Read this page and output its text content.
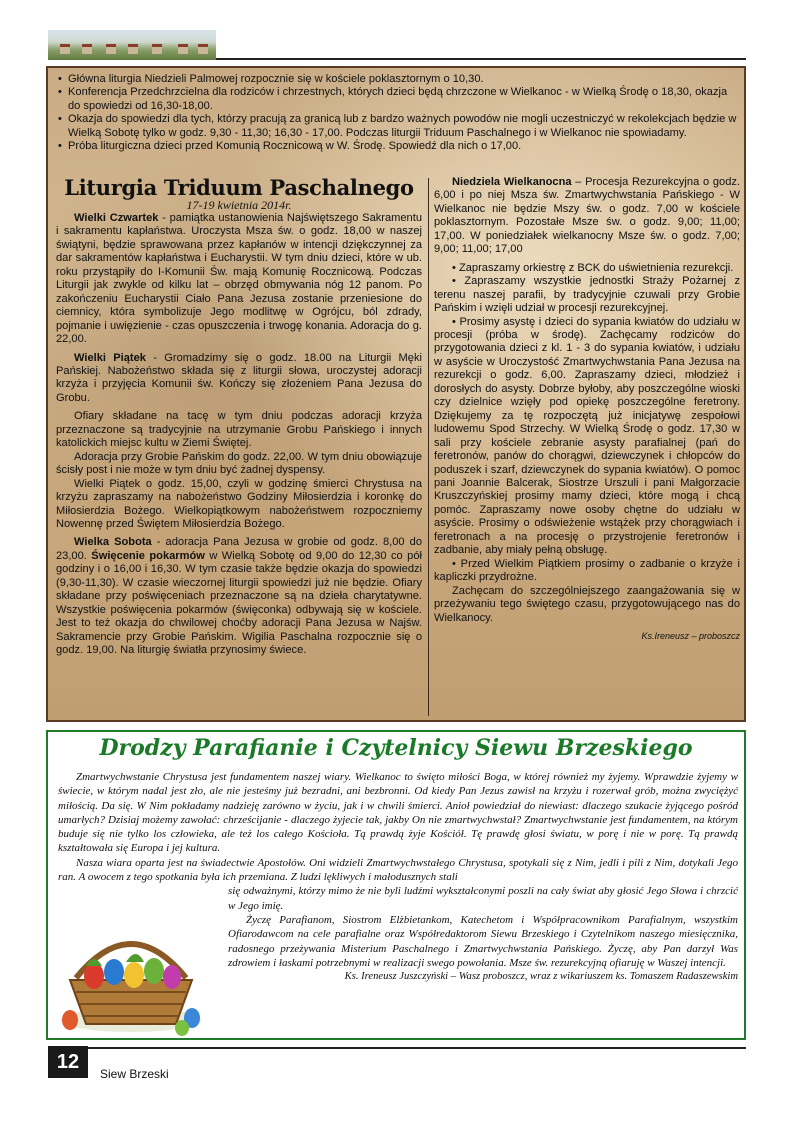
• Główna liturgia Niedzieli Palmowej rozpocznie się w kościele poklasztornym o 10,30.
• Konferencja Przedchrzcielna dla rodziców i chrzestnych, których dzieci będą chrzczone w Wielkanoc - w Wielką Środę o 18,30, okazja do spowiedzi od 16,30-18,00.
• Okazja do spowiedzi dla tych, którzy pracują za granicą lub z bardzo ważnych powodów nie mogli uczestniczyć w rekolekcjach będzie w Wielką Sobotę tylko w godz. 9,30 - 11,30; 16,30 - 17,00. Podczas liturgii Triduum Paschalnego i w Wielkanoc nie spowiadamy.
• Próba liturgiczna dzieci przed Komunią Rocznicową w W. Środę. Spowiedź dla nich o 17,00.

Liturgia Triduum Paschalnego

17-19 kwietnia 2014r.

Wielki Czwartek - pamiątka ustanowienia Najświętszego Sakramentu i sakramentu kapłaństwa. Uroczysta Msza św. o godz. 18,00 w naszej świątyni, będzie sprawowana przez kapłanów w intencji dziękczynnej za dar sakramentów kapłaństwa i Eucharystii. W tym dniu dzieci, które w ub. roku przystąpiły do I-Komunii Św. mają Komunię Rocznicową. Podczas Liturgii jak zwykle od kilku lat – obrzęd obmywania nóg 12 panom. Po zakończeniu Eucharystii Ciało Pana Jezusa zostanie przeniesione do ciemnicy, która symbolizuje Jego modlitwę w Ogrójcu, ból zdrady, pojmanie i uwięzienie - czas opuszczenia i trwogę konania. Adoracja do g. 22,00.

Wielki Piątek - Gromadzimy się o godz. 18.00 na Liturgii Męki Pańskiej. Nabożeństwo składa się z liturgii słowa, uroczystej adoracji krzyża i przyjęcia Komunii św. Kończy się złożeniem Pana Jezusa do Grobu.

Ofiary składane na tacę w tym dniu podczas adoracji krzyża przeznaczone są tradycyjnie na utrzymanie Grobu Pańskiego i innych katolickich miejsc kultu w Ziemi Świętej.

Adoracja przy Grobie Pańskim do godz. 22,00. W tym dniu obowiązuje ścisły post i nie może w tym dniu być żadnej dyspensy.

Wielki Piątek o godz. 15,00, czyli w godzinę śmierci Chrystusa na krzyżu zapraszamy na nabożeństwo Godziny Miłosierdzia i koronkę do Miłosierdzia Bożego. Wielkopiątkowym nabożeństwem rozpoczniemy Nowennę przed Świętem Miłosierdzia Bożego.

Wielka Sobota - adoracja Pana Jezusa w grobie od godz. 8,00 do 23,00. Święcenie pokarmów w Wielką Sobotę od 9,00 do 12,30 co pół godziny i o 16,00 i 16,30. W tym czasie także będzie okazja do spowiedzi (9,30-11,30). W czasie wieczornej liturgii spowiedzi już nie będzie. Ofiary składane przy poświęceniach przeznaczone są na dzieła charytatywne. Wszystkie poświęcenia pokarmów (święconka) odbywają się w kościele. Jest to też okazja do chwilowej choćby adoracji Pana Jezusa w Najśw. Sakramencie przy Grobie Pańskim. Wigilia Paschalna rozpocznie się o godz. 19,00. Na liturgię światła przynosimy świece.

Niedziela Wielkanocna – Procesja Rezurekcyjna o godz. 6,00 i po niej Msza św. Zmartwychwstania Pańskiego - W Wielkanoc nie będzie Mszy św. o godz. 7,00 w kościele poklasztornym. Pozostałe Msze św. o godz. 9,00; 11,00; 17,00. W poniedziałek wielkanocny Msze św. o godz. 7,00; 9,00; 11,00; 17,00

• Zapraszamy orkiestrę z BCK do uświetnienia rezurekcji.

• Zapraszamy wszystkie jednostki Straży Pożarnej z terenu naszej parafii, by tradycyjnie czuwali przy Grobie Pańskim i wzięli udział w procesji rezurekcyjnej.

• Prosimy asystę i dzieci do sypania kwiatów do udziału w procesji (próba w środę). Zachęcamy rodziców do przygotowania dzieci z kl. 1 - 3 do sypania kwiatów, i udziału w asyście w Uroczystość Zmartwychwstania Pana Jezusa na rezurekcji o godz. 6,00. Zapraszamy dzieci, młodzież i dorosłych do asysty. Dobrze byłoby, aby poszczególne wioski czy dzielnice wzięły pod opiekę poszczególne feretrony. Dziękujemy za tę rozpoczętą już inicjatywę zespołowi ludowemu Spod Strzechy. W Wielką Środę o godz. 17,30 w sali przy kościele zebranie asysty parafialnej (pań do feretronów, panów do chorągwi, dziewczynek i chłopców do poduszek i szarf, dziewczynek do sypania kwiatów). O pomoc pani Joannie Balcerak, Siostrze Urszuli i pani Małgorzacie Kruszczyńskiej prosimy mamy dzieci, które mogą i chcą pomóc. Zapraszamy nowe osoby chętne do udziału w asyście. Prosimy o odświeżenie wstążek przy chorągwiach i feretronach a na procesję o przystrojenie feretronów i zadbanie, aby miały pełną obsługę.

• Przed Wielkim Piątkiem prosimy o zadbanie o krzyże i kapliczki przydrożne.

Zachęcam do szczególniejszego zaangażowania się w przeżywaniu tego świętego czasu, przygotowującego nas do Wielkanocy.

Ks.Ireneusz – proboszcz

Drodzy Parafianie i Czytelnicy Siewu Brzeskiego

Zmartwychwstanie Chrystusa jest fundamentem naszej wiary. Wielkanoc to święto miłości Boga, w której również my żyjemy. Wprawdzie żyjemy w świecie, w którym nadal jest zło, ale nie jesteśmy już bezradni, ani bezbronni. Od kiedy Pan Jezus zawisł na krzyżu i rozerwał grób, można zwyciężyć miłością. Da się. W Nim pokładamy nadzieję zarówno w życiu, jak i w chwili śmierci. Anioł powiedział do niewiast: dlaczego szukacie żyjącego pośród umarłych? Dzisiaj możemy zawołać: chrześcijanie - dlaczego żyjecie tak, jakby On nie zmartwychwstał? Zmartwychwstanie jest fundamentem, na którym buduje się nie tylko los człowieka, ale też los całego Kościoła. Tą prawdą żyje Kościół. Tę prawdę głosi światu, w porę i nie w porę. Tą prawdą kształtowała się Europa i jej kultura.

Nasza wiara oparta jest na świadectwie Apostołów. Oni widzieli Zmartwychwstałego Chrystusa, spotykali się z Nim, jedli i pili z Nim, dotykali Jego ran. A owocem z tego spotkania była ich przemiana. Z ludzi lękliwych i małodusznych stali

się odważnymi, którzy mimo że nie byli ludźmi wykształconymi poszli na cały świat aby głosić Jego Słowa i chrzcić w Jego imię.

Życzę Parafianom, Siostrom Elżbietankom, Katechetom i Współpracownikom Parafialnym, wszystkim Ofiarodawcom na cele parafialne oraz Współredaktorom Siewu Brzeskiego i Czytelnikom naszego miesięcznika, radosnego przeżywania Misterium Paschalnego i Zmartwychwstania Pańskiego. Życzę, aby Pan darzył Was zdrowiem i łaskami potrzebnymi w realizacji swego powołania. Msze św. rezurekcyjną ofiaruję w Waszej intencji.

Ks. Ireneusz Juszczyński – Wasz proboszcz, wraz z wikariuszem ks. Tomaszem Radaszewskim

12
Siew Brzeski
